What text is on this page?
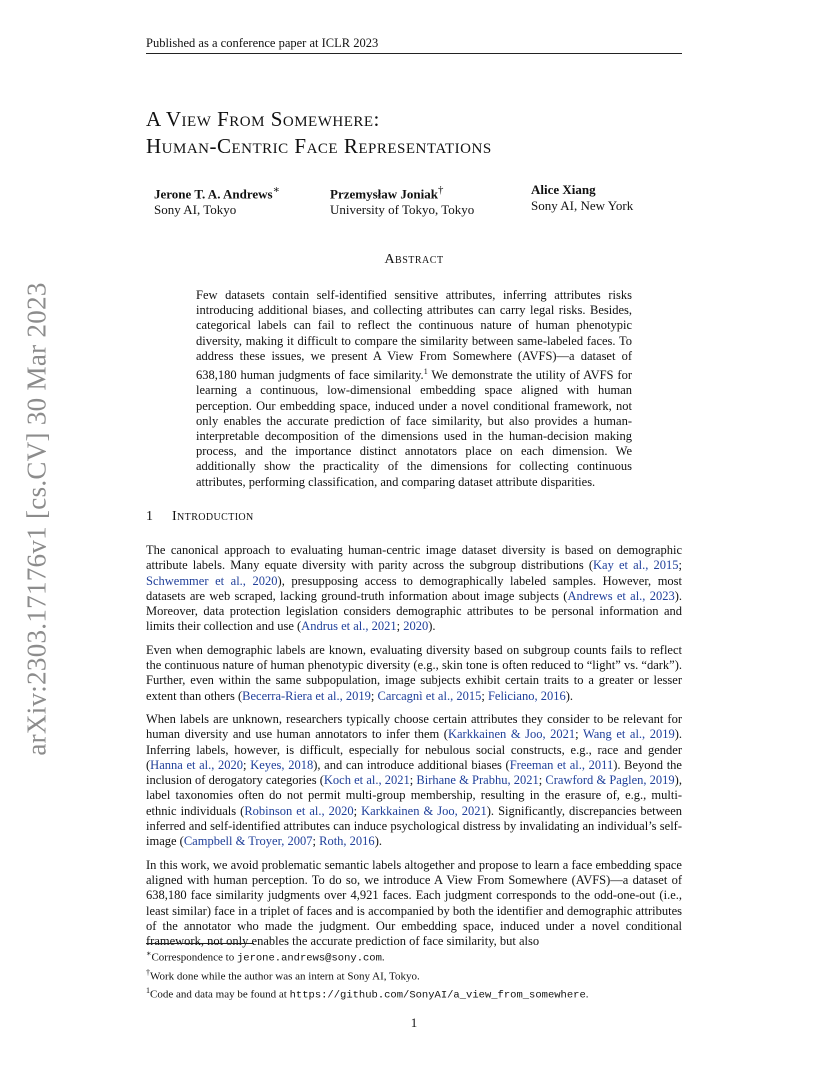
Published as a conference paper at ICLR 2023
arXiv:2303.17176v1 [cs.CV] 30 Mar 2023
A View From Somewhere:
Human-Centric Face Representations
Jerone T. A. Andrews∗
Sony AI, Tokyo
Przemysław Joniak†
University of Tokyo, Tokyo
Alice Xiang
Sony AI, New York
Abstract
Few datasets contain self-identified sensitive attributes, inferring attributes risks introducing additional biases, and collecting attributes can carry legal risks. Besides, categorical labels can fail to reflect the continuous nature of human phenotypic diversity, making it difficult to compare the similarity between same-labeled faces. To address these issues, we present A View From Somewhere (AVFS)—a dataset of 638,180 human judgments of face similarity.$^1$ We demonstrate the utility of AVFS for learning a continuous, low-dimensional embedding space aligned with human perception. Our embedding space, induced under a novel conditional framework, not only enables the accurate prediction of face similarity, but also provides a human-interpretable decomposition of the dimensions used in the human-decision making process, and the importance distinct annotators place on each dimension. We additionally show the practicality of the dimensions for collecting continuous attributes, performing classification, and comparing dataset attribute disparities.
1 Introduction

The canonical approach to evaluating human-centric image dataset diversity is based on demographic attribute labels. Many equate diversity with parity across the subgroup distributions (Kay et al., 2015; Schwemmer et al., 2020), presupposing access to demographically labeled samples. However, most datasets are web scraped, lacking ground-truth information about image subjects (Andrews et al., 2023). Moreover, data protection legislation considers demographic attributes to be personal information and limits their collection and use (Andrus et al., 2021; 2020).

Even when demographic labels are known, evaluating diversity based on subgroup counts fails to reflect the continuous nature of human phenotypic diversity (e.g., skin tone is often reduced to “light” vs. “dark”). Further, even within the same subpopulation, image subjects exhibit certain traits to a greater or lesser extent than others (Becerra-Riera et al., 2019; Carcagnì et al., 2015; Feliciano, 2016).

When labels are unknown, researchers typically choose certain attributes they consider to be relevant for human diversity and use human annotators to infer them (Karkkainen & Joo, 2021; Wang et al., 2019). Inferring labels, however, is difficult, especially for nebulous social constructs, e.g., race and gender (Hanna et al., 2020; Keyes, 2018), and can introduce additional biases (Freeman et al., 2011). Beyond the inclusion of derogatory categories (Koch et al., 2021; Birhane & Prabhu, 2021; Crawford & Paglen, 2019), label taxonomies often do not permit multi-group membership, resulting in the erasure of, e.g., multi-ethnic individuals (Robinson et al., 2020; Karkkainen & Joo, 2021). Significantly, discrepancies between inferred and self-identified attributes can induce psychological distress by invalidating an individual’s self-image (Campbell & Troyer, 2007; Roth, 2016).

In this work, we avoid problematic semantic labels altogether and propose to learn a face embedding space aligned with human perception. To do so, we introduce A View From Somewhere (AVFS)—a dataset of 638,180 face similarity judgments over 4,921 faces. Each judgment corresponds to the odd-one-out (i.e., least similar) face in a triplet of faces and is accompanied by both the identifier and demographic attributes of the annotator who made the judgment. Our embedding space, induced under a novel conditional framework, not only enables the accurate prediction of face similarity, but also

∗Correspondence to jerone.andrews@sony.com.
†Work done while the author was an intern at Sony AI, Tokyo.
$^1$Code and data may be found at https://github.com/SonyAI/a_view_from_somewhere.
1
